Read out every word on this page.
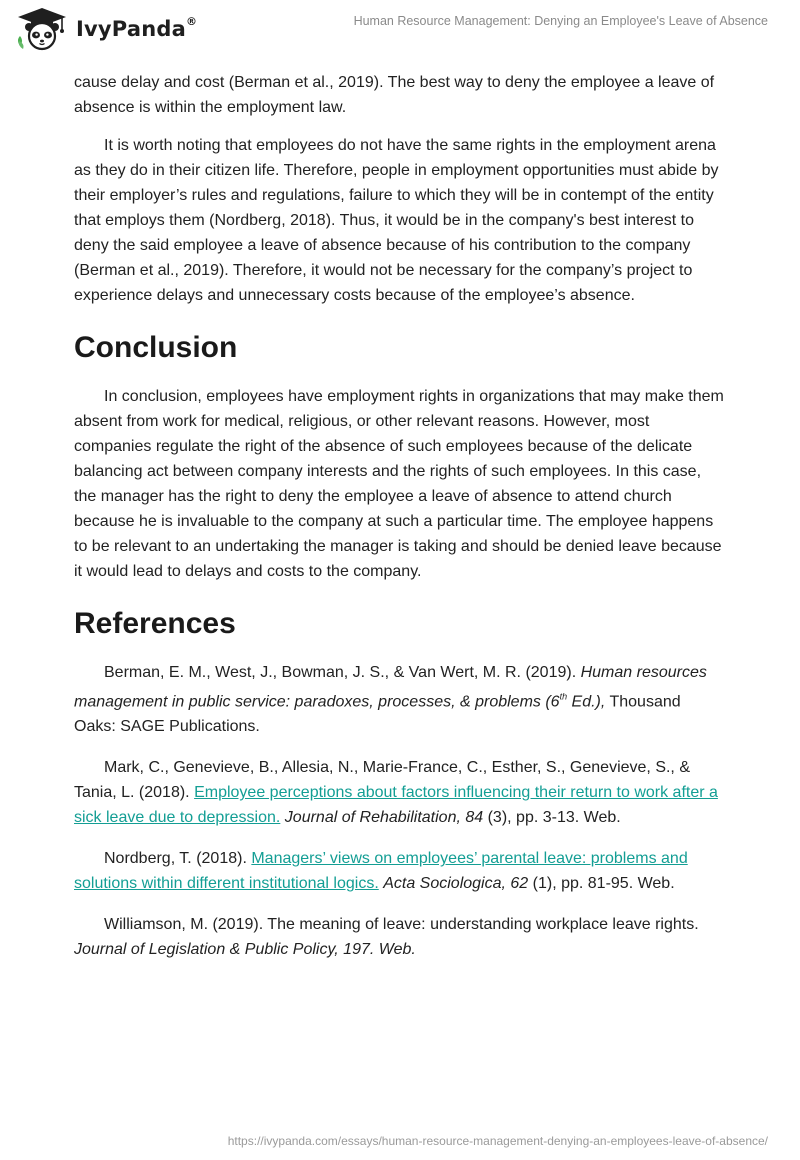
IvyPanda®	Human Resource Management: Denying an Employee's Leave of Absence

cause delay and cost (Berman et al., 2019). The best way to deny the employee a leave of absence is within the employment law.

It is worth noting that employees do not have the same rights in the employment arena as they do in their citizen life. Therefore, people in employment opportunities must abide by their employer’s rules and regulations, failure to which they will be in contempt of the entity that employs them (Nordberg, 2018). Thus, it would be in the company's best interest to deny the said employee a leave of absence because of his contribution to the company (Berman et al., 2019). Therefore, it would not be necessary for the company’s project to experience delays and unnecessary costs because of the employee’s absence.

Conclusion

In conclusion, employees have employment rights in organizations that may make them absent from work for medical, religious, or other relevant reasons. However, most companies regulate the right of the absence of such employees because of the delicate balancing act between company interests and the rights of such employees. In this case, the manager has the right to deny the employee a leave of absence to attend church because he is invaluable to the company at such a particular time. The employee happens to be relevant to an undertaking the manager is taking and should be denied leave because it would lead to delays and costs to the company.

References

Berman, E. M., West, J., Bowman, J. S., & Van Wert, M. R. (2019). Human resources management in public service: paradoxes, processes, & problems (6th Ed.), Thousand Oaks: SAGE Publications.

Mark, C., Genevieve, B., Allesia, N., Marie-France, C., Esther, S., Genevieve, S., & Tania, L. (2018). Employee perceptions about factors influencing their return to work after a sick leave due to depression. Journal of Rehabilitation, 84 (3), pp. 3-13. Web.

Nordberg, T. (2018). Managers’ views on employees’ parental leave: problems and solutions within different institutional logics. Acta Sociologica, 62 (1), pp. 81-95. Web.

Williamson, M. (2019). The meaning of leave: understanding workplace leave rights. Journal of Legislation & Public Policy, 197. Web.

https://ivypanda.com/essays/human-resource-management-denying-an-employees-leave-of-absence/
